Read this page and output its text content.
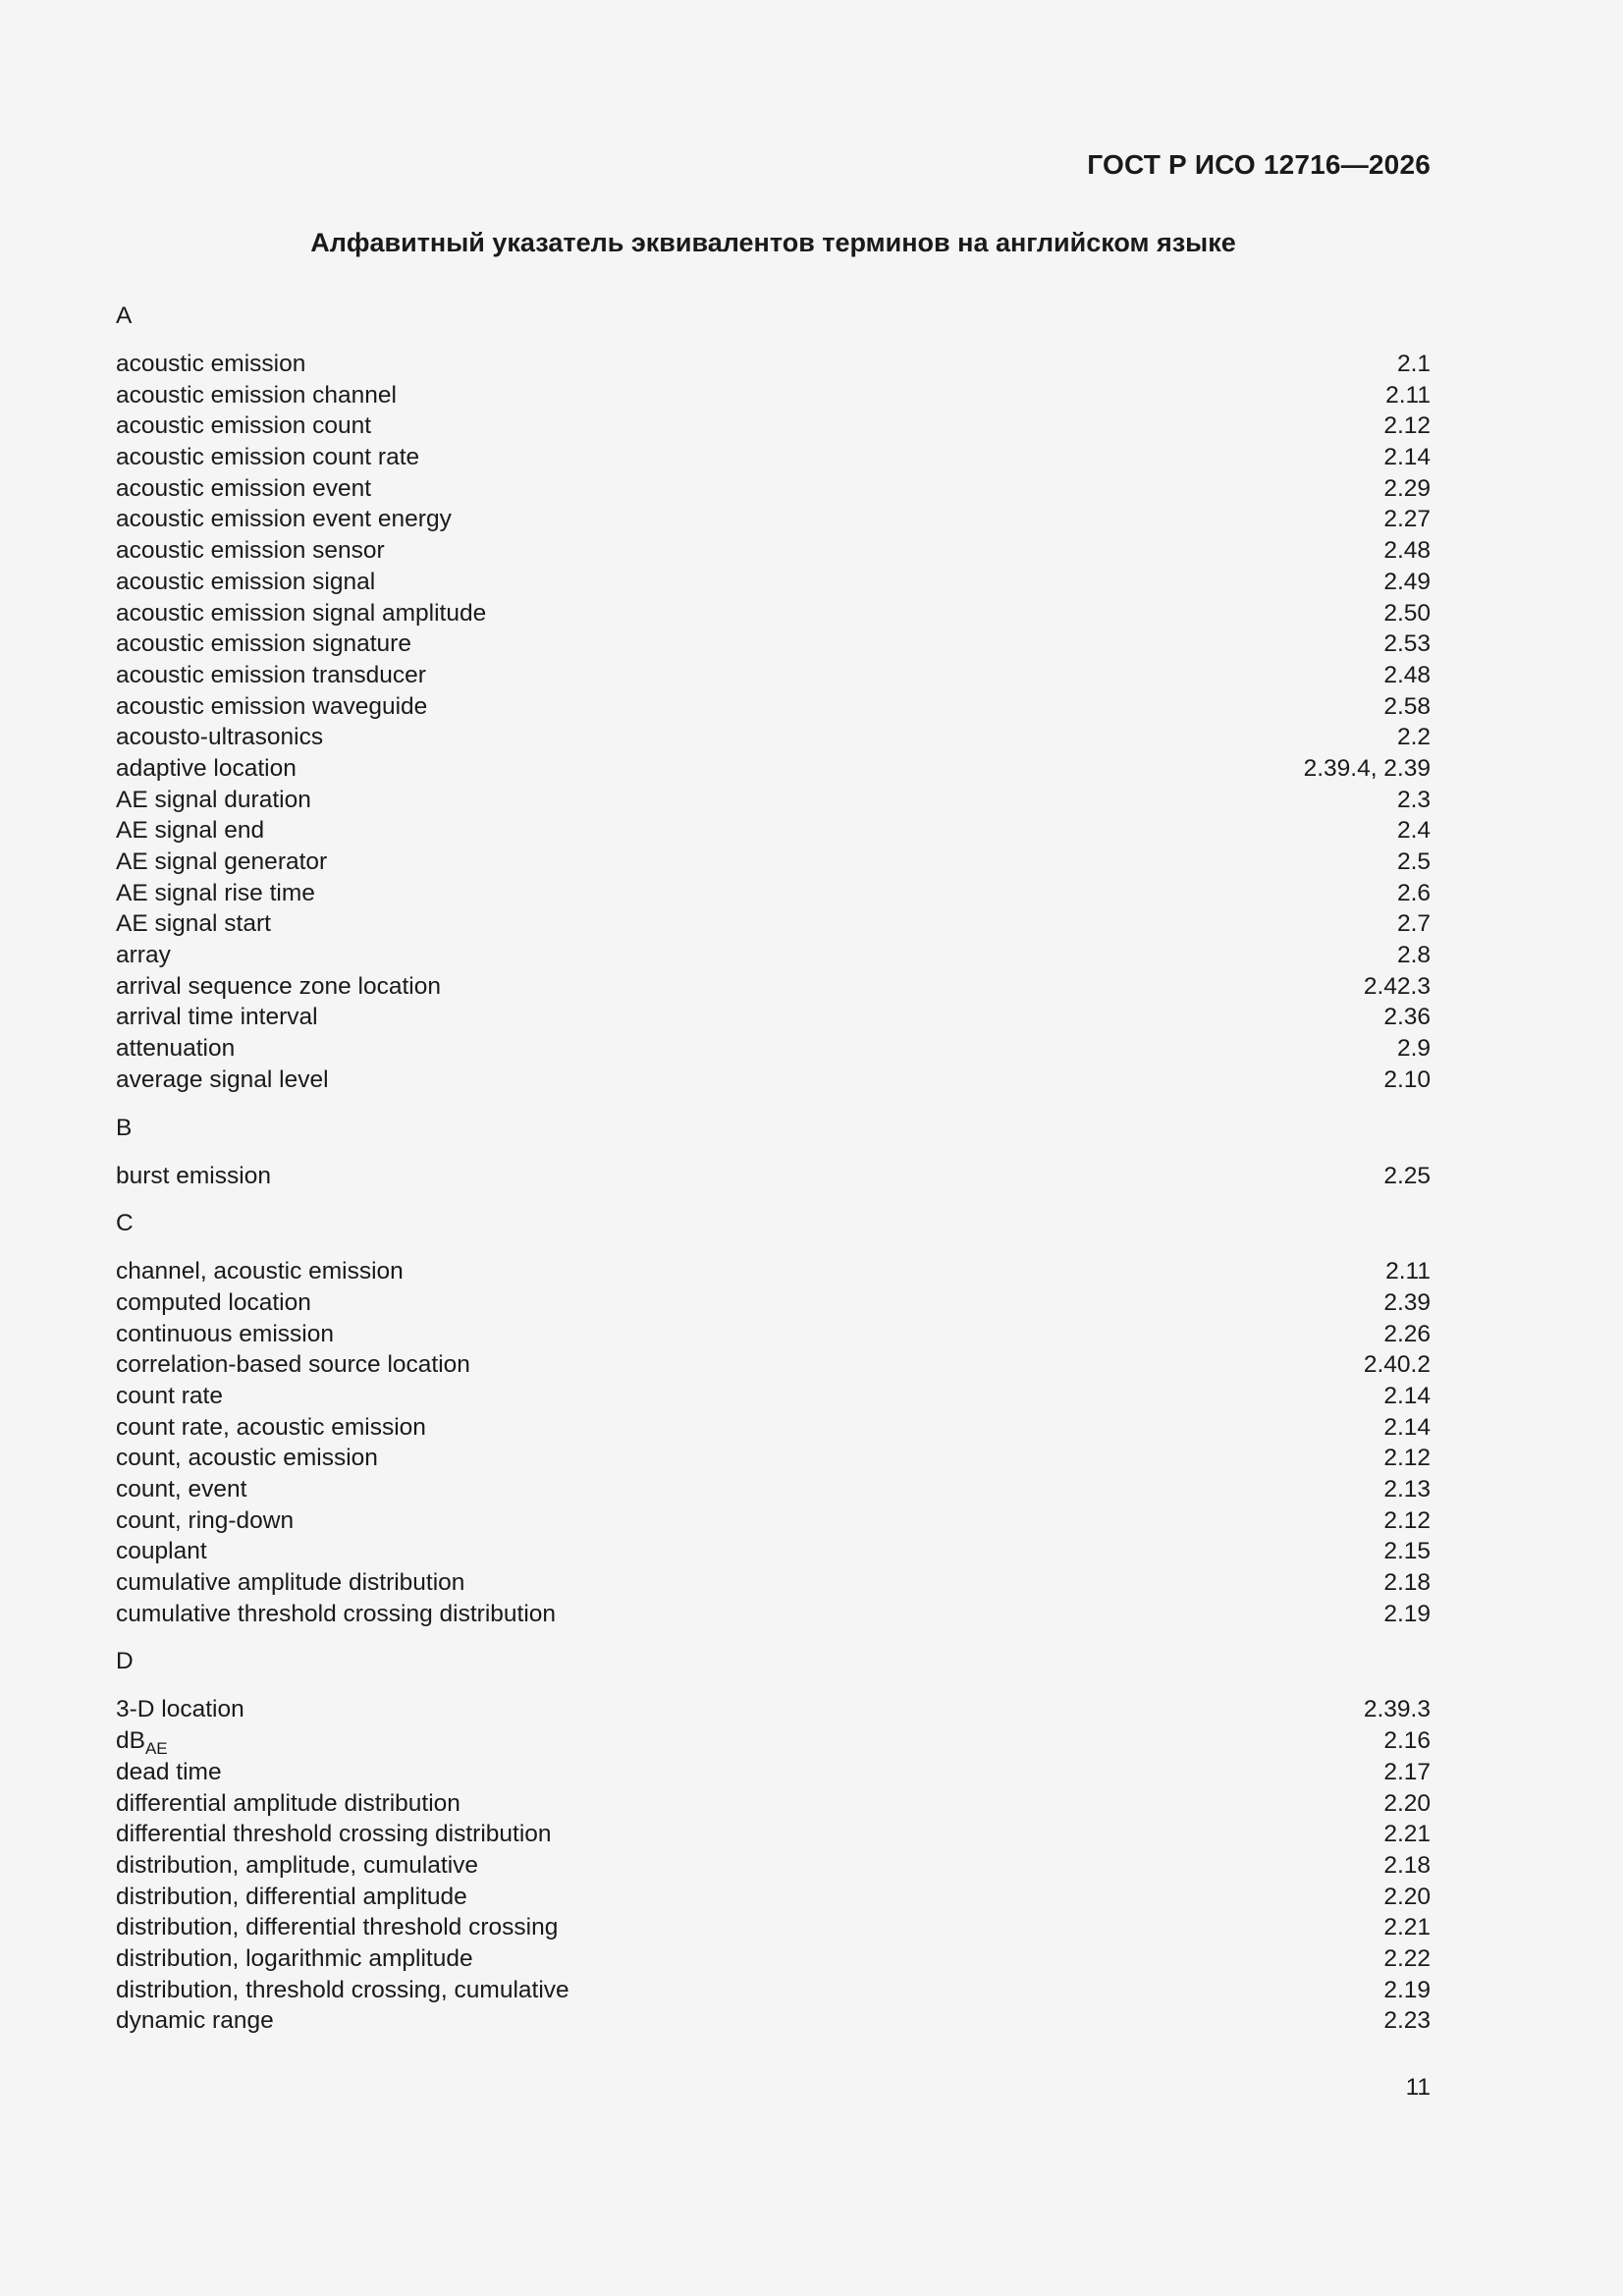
ГОСТ Р ИСО 12716—2026
Алфавитный указатель эквивалентов терминов на английском языке
A
acoustic emission	2.1
acoustic emission channel	2.11
acoustic emission count	2.12
acoustic emission count rate	2.14
acoustic emission event	2.29
acoustic emission event energy	2.27
acoustic emission sensor	2.48
acoustic emission signal	2.49
acoustic emission signal amplitude	2.50
acoustic emission signature	2.53
acoustic emission transducer	2.48
acoustic emission waveguide	2.58
acousto-ultrasonics	2.2
adaptive location	2.39.4, 2.39
AE signal duration	2.3
AE signal end	2.4
AE signal generator	2.5
AE signal rise time	2.6
AE signal start	2.7
array	2.8
arrival sequence zone location	2.42.3
arrival time interval	2.36
attenuation	2.9
average signal level	2.10
B
burst emission	2.25
C
channel, acoustic emission	2.11
computed location	2.39
continuous emission	2.26
correlation-based source location	2.40.2
count rate	2.14
count rate, acoustic emission	2.14
count, acoustic emission	2.12
count, event	2.13
count, ring-down	2.12
couplant	2.15
cumulative amplitude distribution	2.18
cumulative threshold crossing distribution	2.19
D
3-D location	2.39.3
$dB_{AE}$	2.16
dead time	2.17
differential amplitude distribution	2.20
differential threshold crossing distribution	2.21
distribution, amplitude, cumulative	2.18
distribution, differential amplitude	2.20
distribution, differential threshold crossing	2.21
distribution, logarithmic amplitude	2.22
distribution, threshold crossing, cumulative	2.19
dynamic range	2.23
11
